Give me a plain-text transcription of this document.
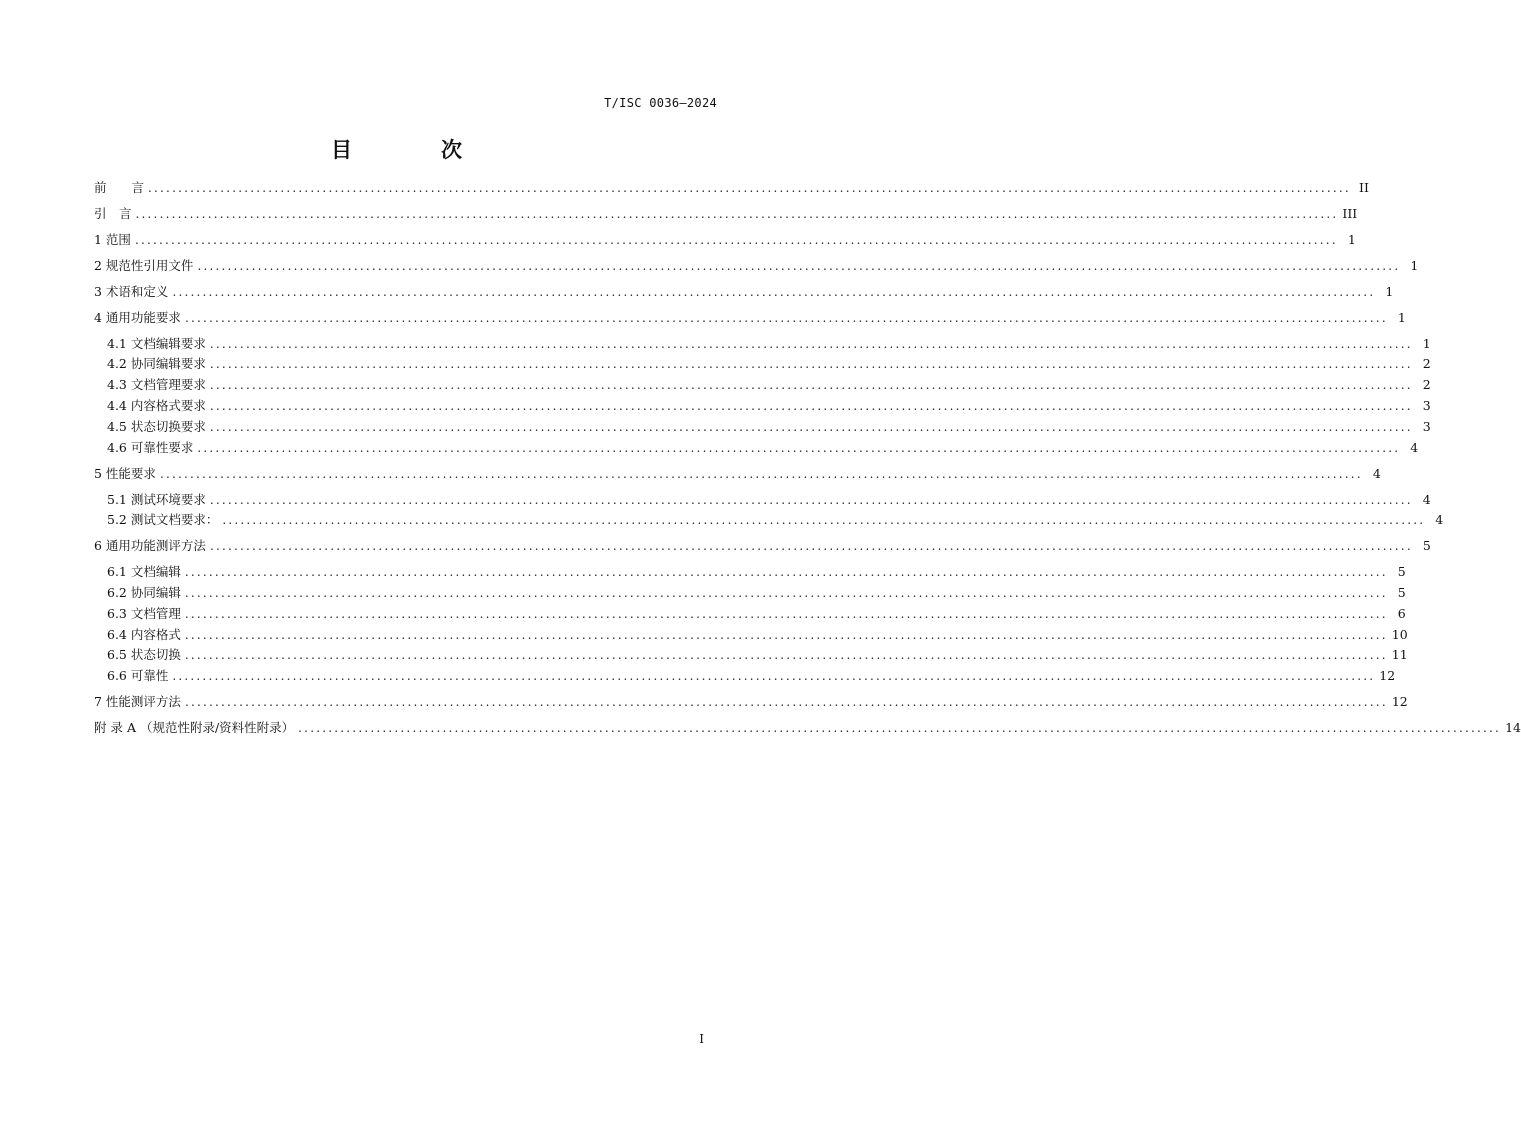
T/ISC 0036—2024
目　次
前　　言 ........................................................................................................................................................................................................ II
引　言 ........................................................................................................................................................................................................ III
1 范围 ........................................................................................................................................................................................................ 1
2 规范性引用文件 ........................................................................................................................................................................................................ 1
3 术语和定义 ........................................................................................................................................................................................................ 1
4 通用功能要求 ........................................................................................................................................................................................................ 1
4.1 文档编辑要求 ........................................................................................................................................................................................................ 1
4.2 协同编辑要求 ........................................................................................................................................................................................................ 2
4.3 文档管理要求 ........................................................................................................................................................................................................ 2
4.4 内容格式要求 ........................................................................................................................................................................................................ 3
4.5 状态切换要求 ........................................................................................................................................................................................................ 3
4.6 可靠性要求 ........................................................................................................................................................................................................ 4
5 性能要求 ........................................................................................................................................................................................................ 4
5.1 测试环境要求 ........................................................................................................................................................................................................ 4
5.2 测试文档要求： ........................................................................................................................................................................................................ 4
6 通用功能测评方法 ........................................................................................................................................................................................................ 5
6.1 文档编辑 ........................................................................................................................................................................................................ 5
6.2 协同编辑 ........................................................................................................................................................................................................ 5
6.3 文档管理 ........................................................................................................................................................................................................ 6
6.4 内容格式 ........................................................................................................................................................................................................ 10
6.5 状态切换 ........................................................................................................................................................................................................ 11
6.6 可靠性 ........................................................................................................................................................................................................ 12
7 性能测评方法 ........................................................................................................................................................................................................ 12
附 录 A （规范性附录/资料性附录） ........................................................................................................................................................................................................ 14
I
